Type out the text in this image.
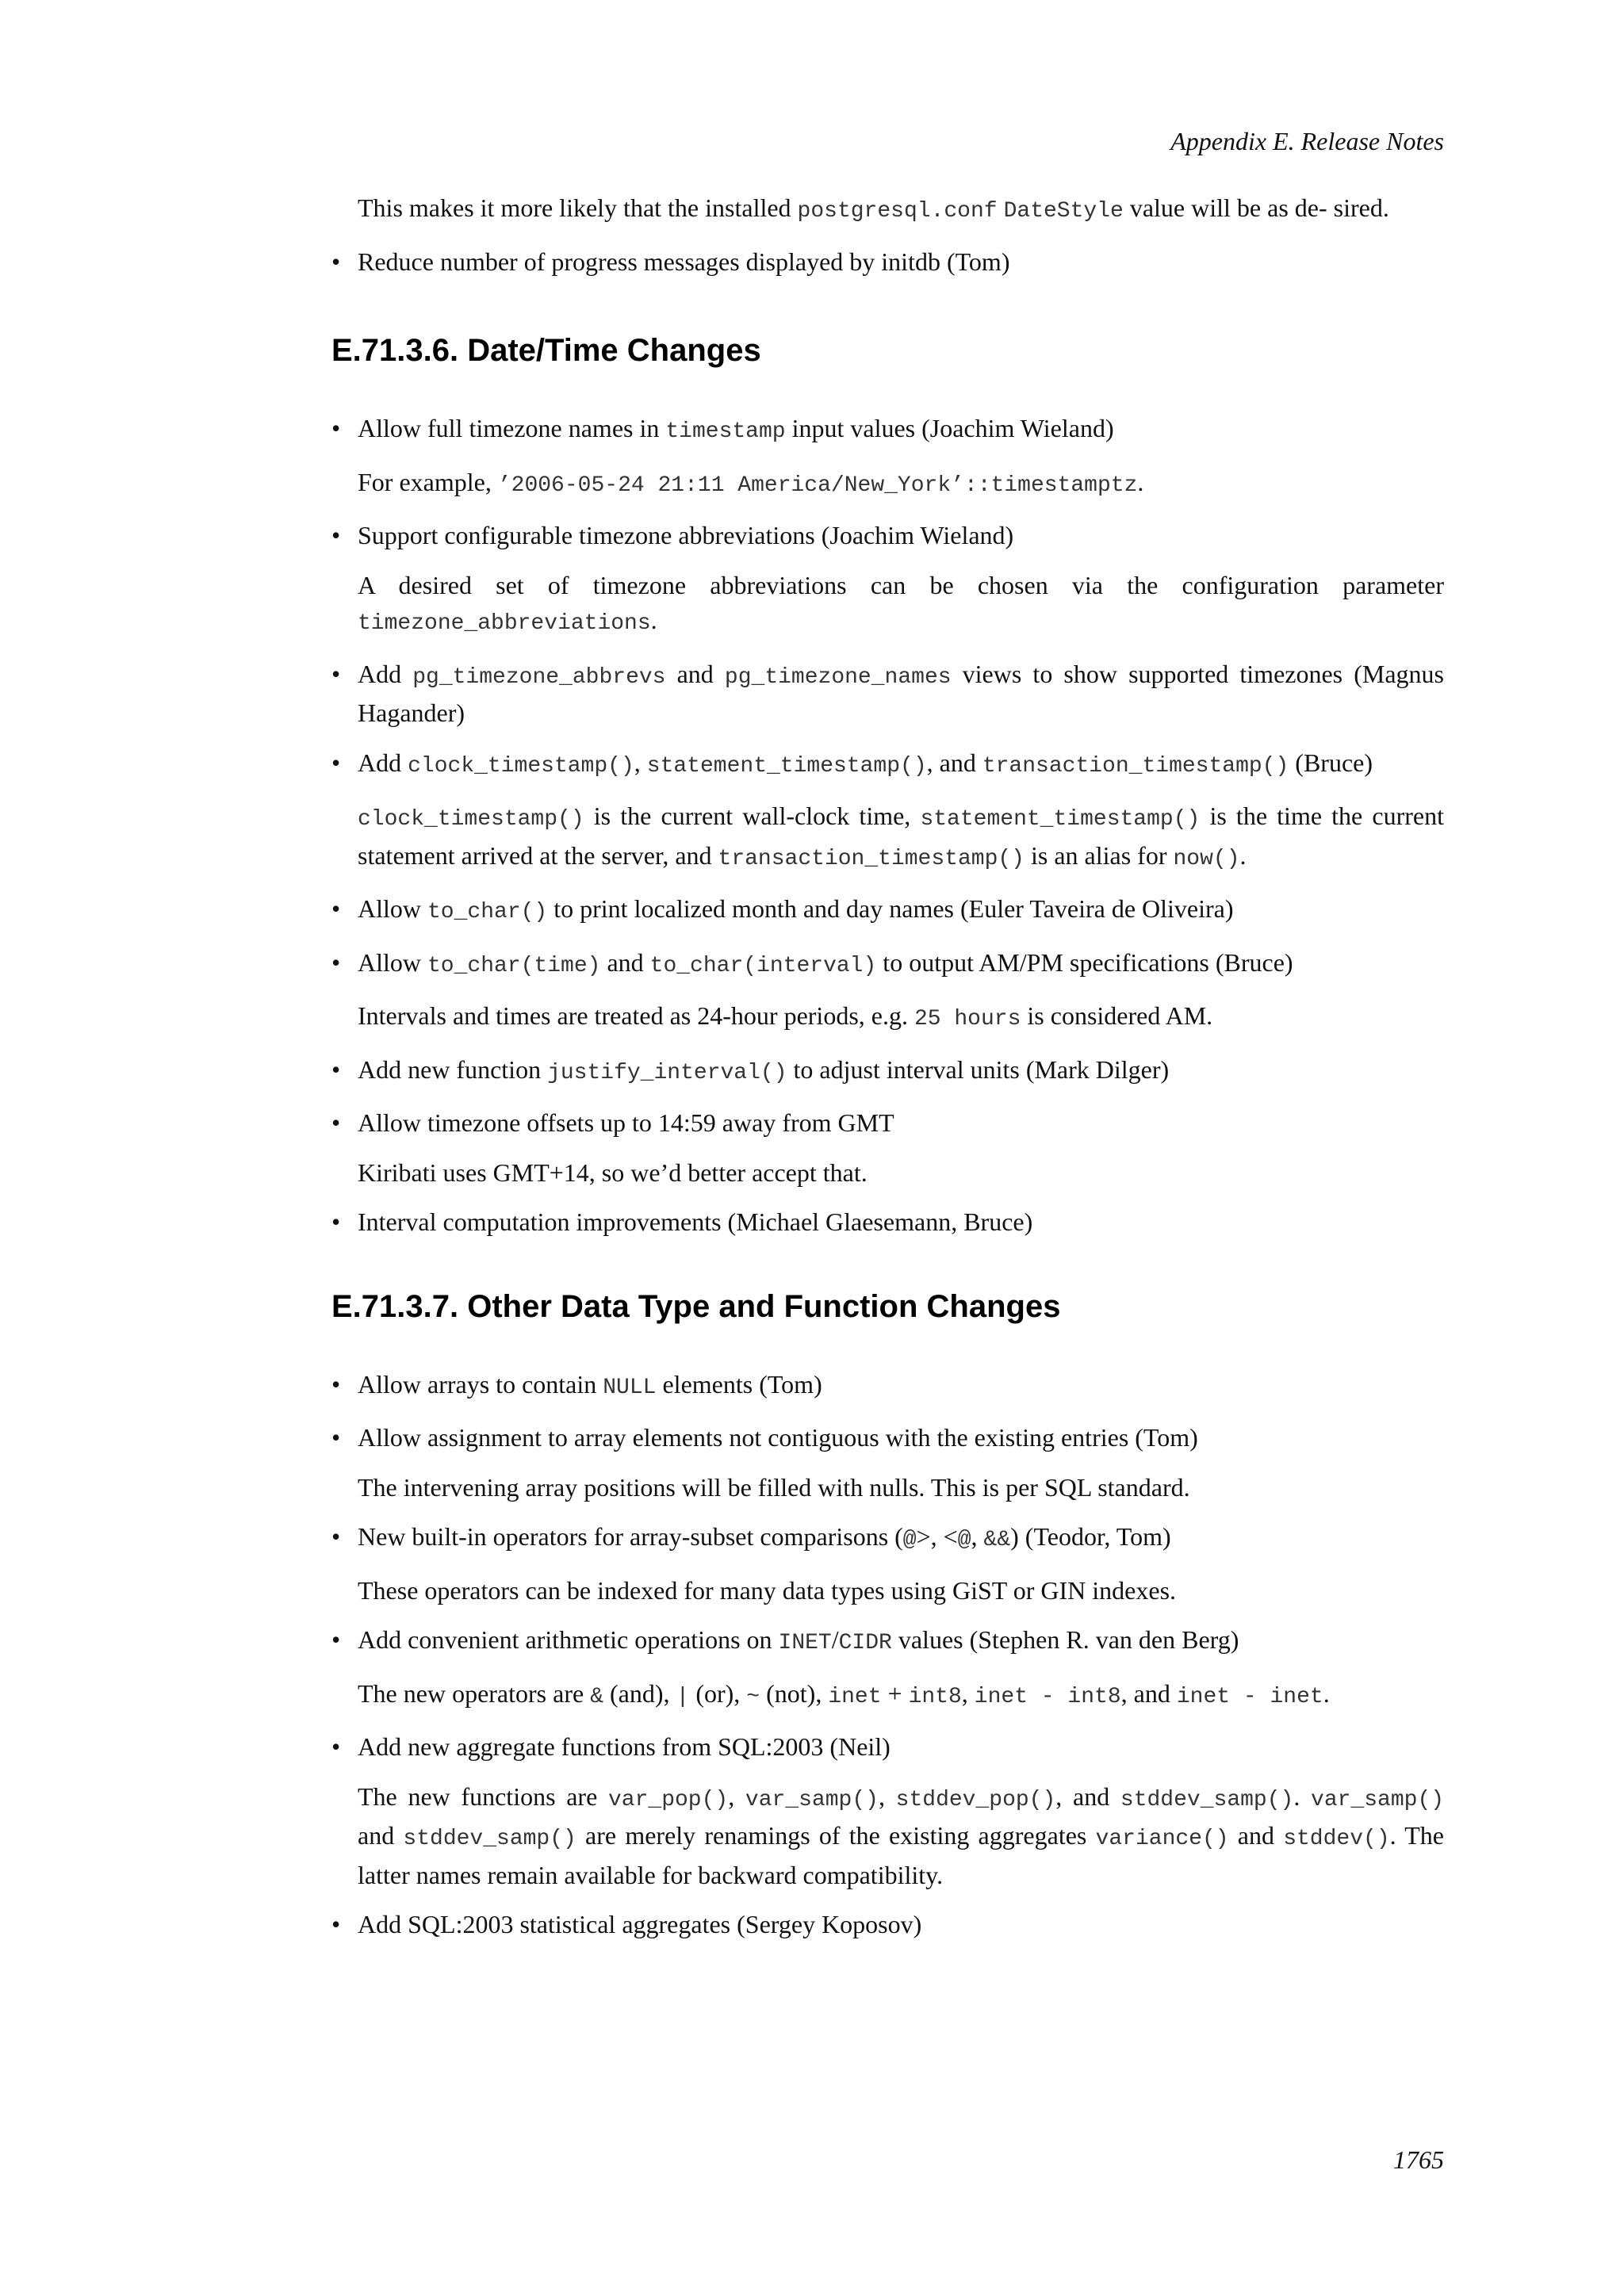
Appendix E. Release Notes

This makes it more likely that the installed postgresql.conf DateStyle value will be as de- sired.

• Reduce number of progress messages displayed by initdb (Tom)

E.71.3.6. Date/Time Changes
• Allow full timezone names in timestamp input values (Joachim Wieland)

For example, ’2006-05-24 21:11 America/New_York’::timestamptz.

• Support configurable timezone abbreviations (Joachim Wieland)

A desired set of timezone abbreviations can be chosen via the configuration parameter timezone_abbreviations.

• Add pg_timezone_abbrevs and pg_timezone_names views to show supported timezones (Magnus Hagander)

• Add clock_timestamp(), statement_timestamp(), and transaction_timestamp() (Bruce)

clock_timestamp() is the current wall-clock time, statement_timestamp() is the time the current statement arrived at the server, and transaction_timestamp() is an alias for now().

• Allow to_char() to print localized month and day names (Euler Taveira de Oliveira)

• Allow to_char(time) and to_char(interval) to output AM/PM specifications (Bruce)

Intervals and times are treated as 24-hour periods, e.g. 25 hours is considered AM.

• Add new function justify_interval() to adjust interval units (Mark Dilger)

• Allow timezone offsets up to 14:59 away from GMT

Kiribati uses GMT+14, so we’d better accept that.

• Interval computation improvements (Michael Glaesemann, Bruce)

E.71.3.7. Other Data Type and Function Changes
• Allow arrays to contain NULL elements (Tom)

• Allow assignment to array elements not contiguous with the existing entries (Tom)

The intervening array positions will be filled with nulls. This is per SQL standard.

• New built-in operators for array-subset comparisons (@>, <@, &&) (Teodor, Tom)

These operators can be indexed for many data types using GiST or GIN indexes.

• Add convenient arithmetic operations on INET/CIDR values (Stephen R. van den Berg)

The new operators are & (and), | (or), ~ (not), inet + int8, inet - int8, and inet - inet.

• Add new aggregate functions from SQL:2003 (Neil)

The new functions are var_pop(), var_samp(), stddev_pop(), and stddev_samp(). var_samp() and stddev_samp() are merely renamings of the existing aggregates variance() and stddev(). The latter names remain available for backward compatibility.

• Add SQL:2003 statistical aggregates (Sergey Koposov)

1765
